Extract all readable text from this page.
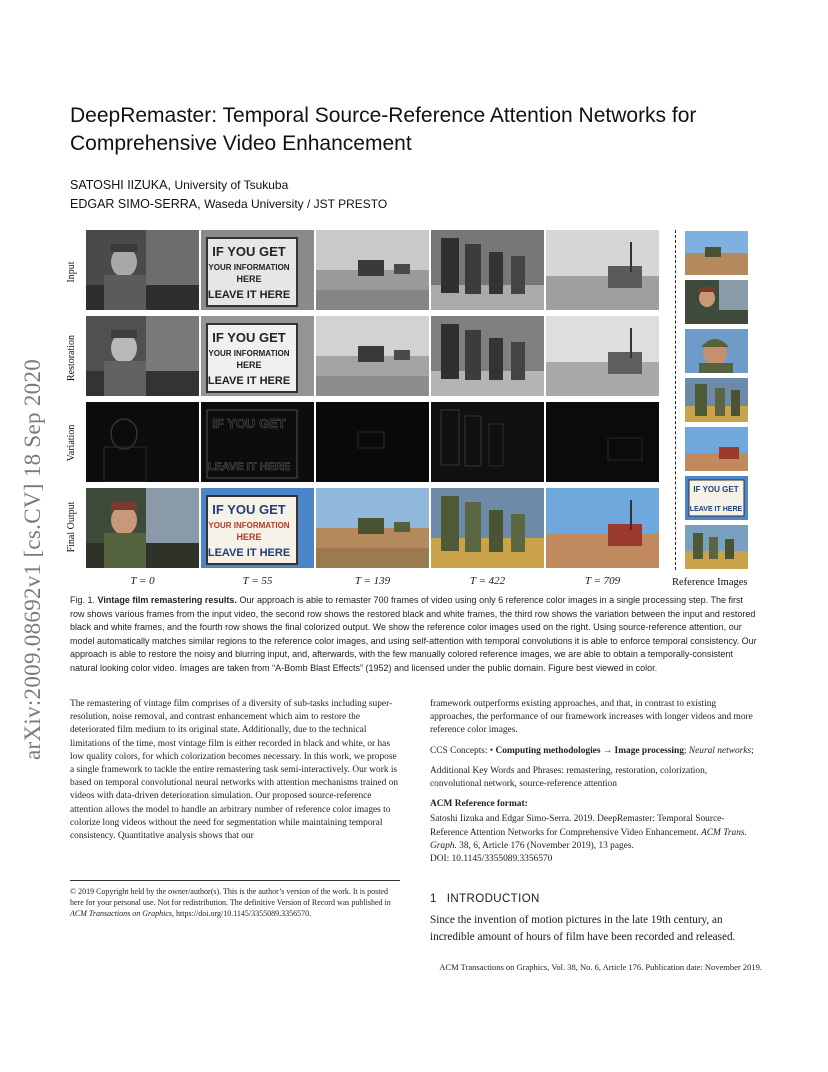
arXiv:2009.08692v1 [cs.CV] 18 Sep 2020
DeepRemaster: Temporal Source-Reference Attention Networks for Comprehensive Video Enhancement
SATOSHI IIZUKA, University of Tsukuba
EDGAR SIMO-SERRA, Waseda University / JST PRESTO
Input
Restoration
Variation
Final Output
IF YOU GET
YOUR INFORMATION
HERE
LEAVE IT HERE
IF YOU GET
YOUR INFORMATION
HERE
LEAVE IT HERE
IF YOU GET
LEAVE IT HERE
IF YOU GET
YOUR INFORMATION
HERE
LEAVE IT HERE
IF YOU GET
LEAVE IT HERE
T = 0	T = 55	T = 139	T = 422	T = 709	Reference Images

Fig. 1. Vintage film remastering results. Our approach is able to remaster 700 frames of video using only 6 reference color images in a single processing step. The first row shows various frames from the input video, the second row shows the restored black and white frames, the third row shows the variation between the input and restored black and white frames, and the fourth row shows the final colorized output. We show the reference color images used on the right. Using source-reference attention, our model automatically matches similar regions to the reference color images, and using self-attention with temporal convolutions it is able to enforce temporal consistency. Our approach is able to restore the noisy and blurring input, and, afterwards, with the few manually colored reference images, we are able to obtain a temporally-consistent natural looking color video. Images are taken from “A-Bomb Blast Effects” (1952) and licensed under the public domain. Figure best viewed in color.

The remastering of vintage film comprises of a diversity of sub-tasks including super-resolution, noise removal, and contrast enhancement which aim to restore the deteriorated film medium to its original state. Additionally, due to the technical limitations of the time, most vintage film is either recorded in black and white, or has low quality colors, for which colorization becomes necessary. In this work, we propose a single framework to tackle the entire remastering task semi-interactively. Our work is based on temporal convolutional neural networks with attention mechanisms trained on videos with data-driven deterioration simulation. Our proposed source-reference attention allows the model to handle an arbitrary number of reference color images to colorize long videos without the need for segmentation while maintaining temporal consistency. Quantitative analysis shows that our

framework outperforms existing approaches, and that, in contrast to existing approaches, the performance of our framework increases with longer videos and more reference color images.

CCS Concepts: • Computing methodologies → Image processing; Neural networks;

Additional Key Words and Phrases: remastering, restoration, colorization, convolutional network, source-reference attention

ACM Reference format:

Satoshi Iizuka and Edgar Simo-Serra. 2019. DeepRemaster: Temporal Source-Reference Attention Networks for Comprehensive Video Enhancement. ACM Trans. Graph. 38, 6, Article 176 (November 2019), 13 pages.
DOI: 10.1145/3355089.3356570

© 2019 Copyright held by the owner/author(s). This is the author’s version of the work. It is posted here for your personal use. Not for redistribution. The definitive Version of Record was published in ACM Transactions on Graphics, https://doi.org/10.1145/3355089.3356570.

1 INTRODUCTION

Since the invention of motion pictures in the late 19th century, an incredible amount of hours of film have been recorded and released.

ACM Transactions on Graphics, Vol. 38, No. 6, Article 176. Publication date: November 2019.
